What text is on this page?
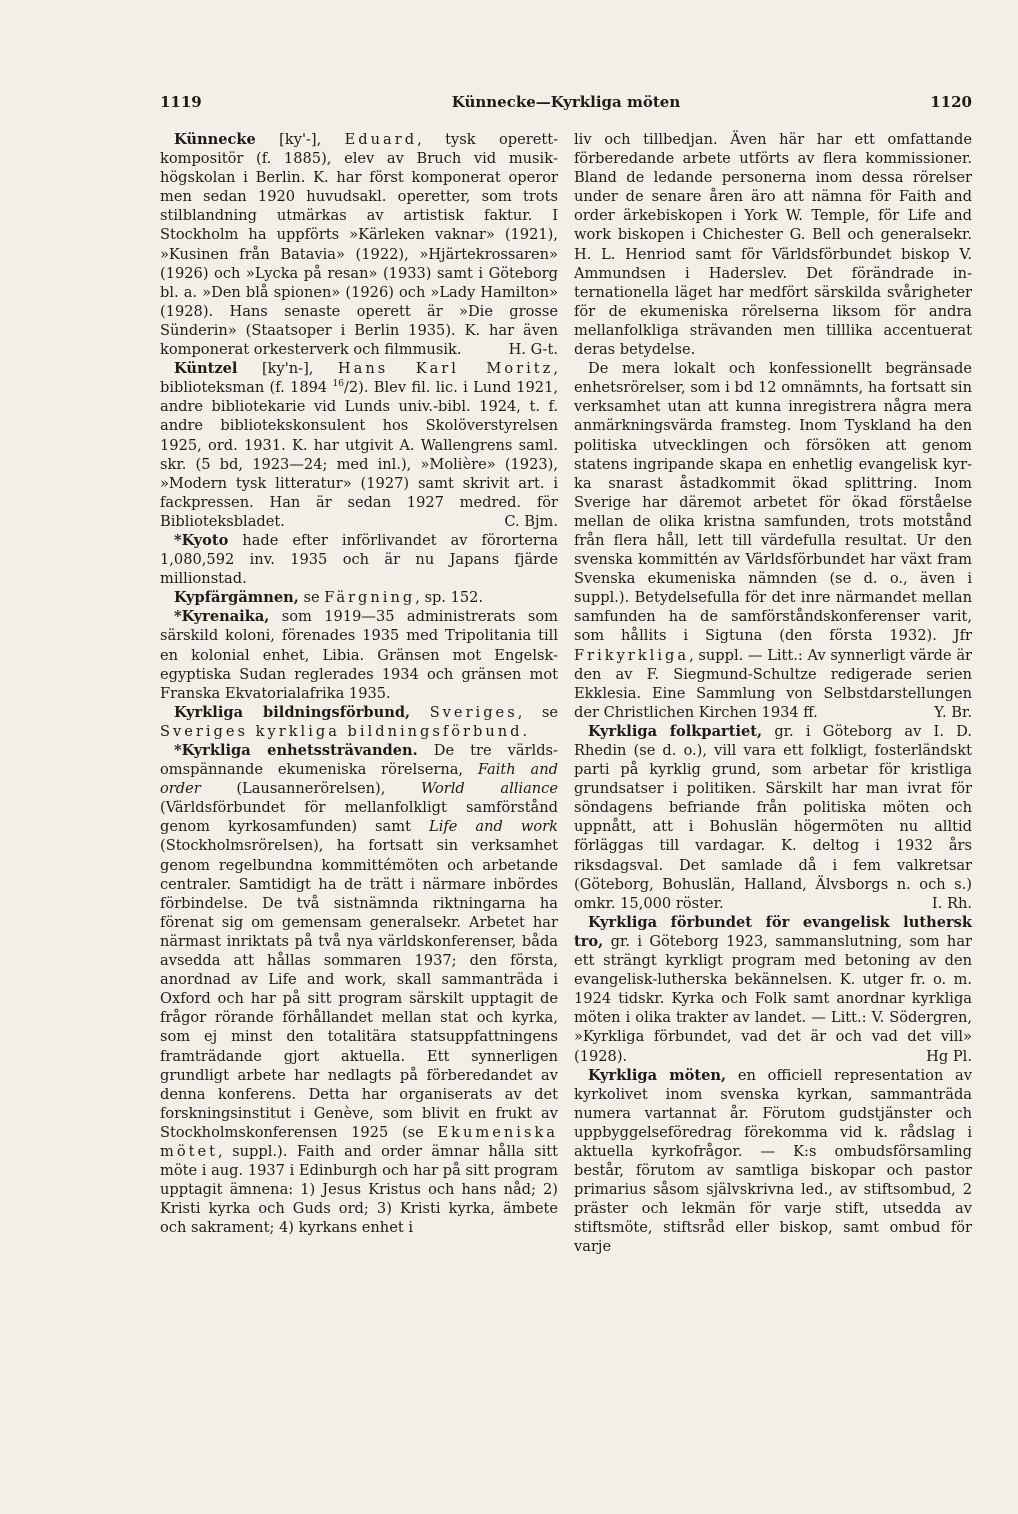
1119	Künnecke—Kyrkliga möten	1120

Künnecke [ky'-], Eduard, tysk operettkompositör (f. 1885), elev av Bruch vid musikhögskolan i Berlin. K. har först komponerat operor men sedan 1920 huvudsakl. operetter, som trots stilblandning utmärkas av artistisk faktur. I Stockholm ha uppförts »Kärleken vaknar» (1921), »Kusinen från Batavia» (1922), »Hjärtekrossaren» (1926) och »Lycka på resan» (1933) samt i Göteborg bl. a. »Den blå spionen» (1926) och »Lady Hamilton» (1928). Hans senaste operett är »Die grosse Sünderin» (Staatsoper i Berlin 1935). K. har även komponerat orkesterverk och filmmusik.	H. G-t.

Küntzel [ky'n-], Hans Karl Moritz, biblioteksman (f. 1894 $^{16}$/2). Blev fil. lic. i Lund 1921, andre bibliotekarie vid Lunds univ.-bibl. 1924, t. f. andre bibliotekskonsulent hos Skolöverstyrelsen 1925, ord. 1931. K. har utgivit A. Wallengrens saml. skr. (5 bd, 1923—24; med inl.), »Molière» (1923), »Modern tysk litteratur» (1927) samt skrivit art. i fackpressen. Han är sedan 1927 medred. för Biblioteksbladet.	C. Bjm.

*Kyoto hade efter införlivandet av förorterna 1,080,592 inv. 1935 och är nu Japans fjärde millionstad.

Kypfärgämnen, se Färgning, sp. 152.

*Kyrenaika, som 1919—35 administrerats som särskild koloni, förenades 1935 med Tripolitania till en kolonial enhet, Libia. Gränsen mot Engelsk-egyptiska Sudan reglerades 1934 och gränsen mot Franska Ekvatorialafrika 1935.

Kyrkliga bildningsförbund, Sveriges, se Sveriges kyrkliga bildningsförbund.

*Kyrkliga enhetssträvanden. De tre världsomspännande ekumeniska rörelserna, Faith and order (Lausannerörelsen), World alliance (Världsförbundet för mellanfolkligt samförstånd genom kyrkosamfunden) samt Life and work (Stockholmsrörelsen), ha fortsatt sin verksamhet genom regelbundna kommittémöten och arbetande centraler. Samtidigt ha de trätt i närmare inbördes förbindelse. De två sistnämnda riktningarna ha förenat sig om gemensam generalsekr. Arbetet har närmast inriktats på två nya världskonferenser, båda avsedda att hållas sommaren 1937; den första, anordnad av Life and work, skall sammanträda i Oxford och har på sitt program särskilt upptagit de frågor rörande förhållandet mellan stat och kyrka, som ej minst den totalitära statsuppfattningens framträdande gjort aktuella. Ett synnerligen grundligt arbete har nedlagts på förberedandet av denna konferens. Detta har organiserats av det forskningsinstitut i Genève, som blivit en frukt av Stockholmskonferensen 1925 (se Ekumeniska mötet, suppl.). Faith and order ämnar hålla sitt möte i aug. 1937 i Edinburgh och har på sitt program upptagit ämnena: 1) Jesus Kristus och hans nåd; 2) Kristi kyrka och Guds ord; 3) Kristi kyrka, ämbete och sakrament; 4) kyrkans enhet i

liv och tillbedjan. Även här har ett omfattande förberedande arbete utförts av flera kommissioner. Bland de ledande personerna inom dessa rörelser under de senare åren äro att nämna för Faith and order ärkebiskopen i York W. Temple, för Life and work biskopen i Chichester G. Bell och generalsekr. H. L. Henriod samt för Världsförbundet biskop V. Ammundsen i Haderslev. Det förändrade internationella läget har medfört särskilda svårigheter för de ekumeniska rörelserna liksom för andra mellanfolkliga strävanden men tilllika accentuerat deras betydelse.

De mera lokalt och konfessionellt begränsade enhetsrörelser, som i bd 12 omnämnts, ha fortsatt sin verksamhet utan att kunna inregistrera några mera anmärkningsvärda framsteg. Inom Tyskland ha den politiska utvecklingen och försöken att genom statens ingripande skapa en enhetlig evangelisk kyrka snarast åstadkommit ökad splittring. Inom Sverige har däremot arbetet för ökad förståelse mellan de olika kristna samfunden, trots motstånd från flera håll, lett till värdefulla resultat. Ur den svenska kommittén av Världsförbundet har växt fram Svenska ekumeniska nämnden (se d. o., även i suppl.). Betydelsefulla för det inre närmandet mellan samfunden ha de samförståndskonferenser varit, som hållits i Sigtuna (den första 1932). Jfr Frikyrkliga, suppl. — Litt.: Av synnerligt värde är den av F. Siegmund-Schultze redigerade serien Ekklesia. Eine Sammlung von Selbstdarstellungen der Christlichen Kirchen 1934 ff.	Y. Br.

Kyrkliga folkpartiet, gr. i Göteborg av I. D. Rhedin (se d. o.), vill vara ett folkligt, fosterländskt parti på kyrklig grund, som arbetar för kristliga grundsatser i politiken. Särskilt har man ivrat för söndagens befriande från politiska möten och uppnått, att i Bohuslän högermöten nu alltid förläggas till vardagar. K. deltog i 1932 års riksdagsval. Det samlade då i fem valkretsar (Göteborg, Bohuslän, Halland, Älvsborgs n. och s.) omkr. 15,000 röster.	I. Rh.

Kyrkliga förbundet för evangelisk luthersk tro, gr. i Göteborg 1923, sammanslutning, som har ett strängt kyrkligt program med betoning av den evangelisk-lutherska bekännelsen. K. utger fr. o. m. 1924 tidskr. Kyrka och Folk samt anordnar kyrkliga möten i olika trakter av landet. — Litt.: V. Södergren, »Kyrkliga förbundet, vad det är och vad det vill» (1928).	Hg Pl.

Kyrkliga möten, en officiell representation av kyrkolivet inom svenska kyrkan, sammanträda numera vartannat år. Förutom gudstjänster och uppbyggelseföredrag förekomma vid k. rådslag i aktuella kyrkofrågor. — K:s ombudsförsamling består, förutom av samtliga biskopar och pastor primarius såsom självskrivna led., av stiftsombud, 2 präster och lekmän för varje stift, utsedda av stiftsmöte, stiftsråd eller biskop, samt ombud för varje
